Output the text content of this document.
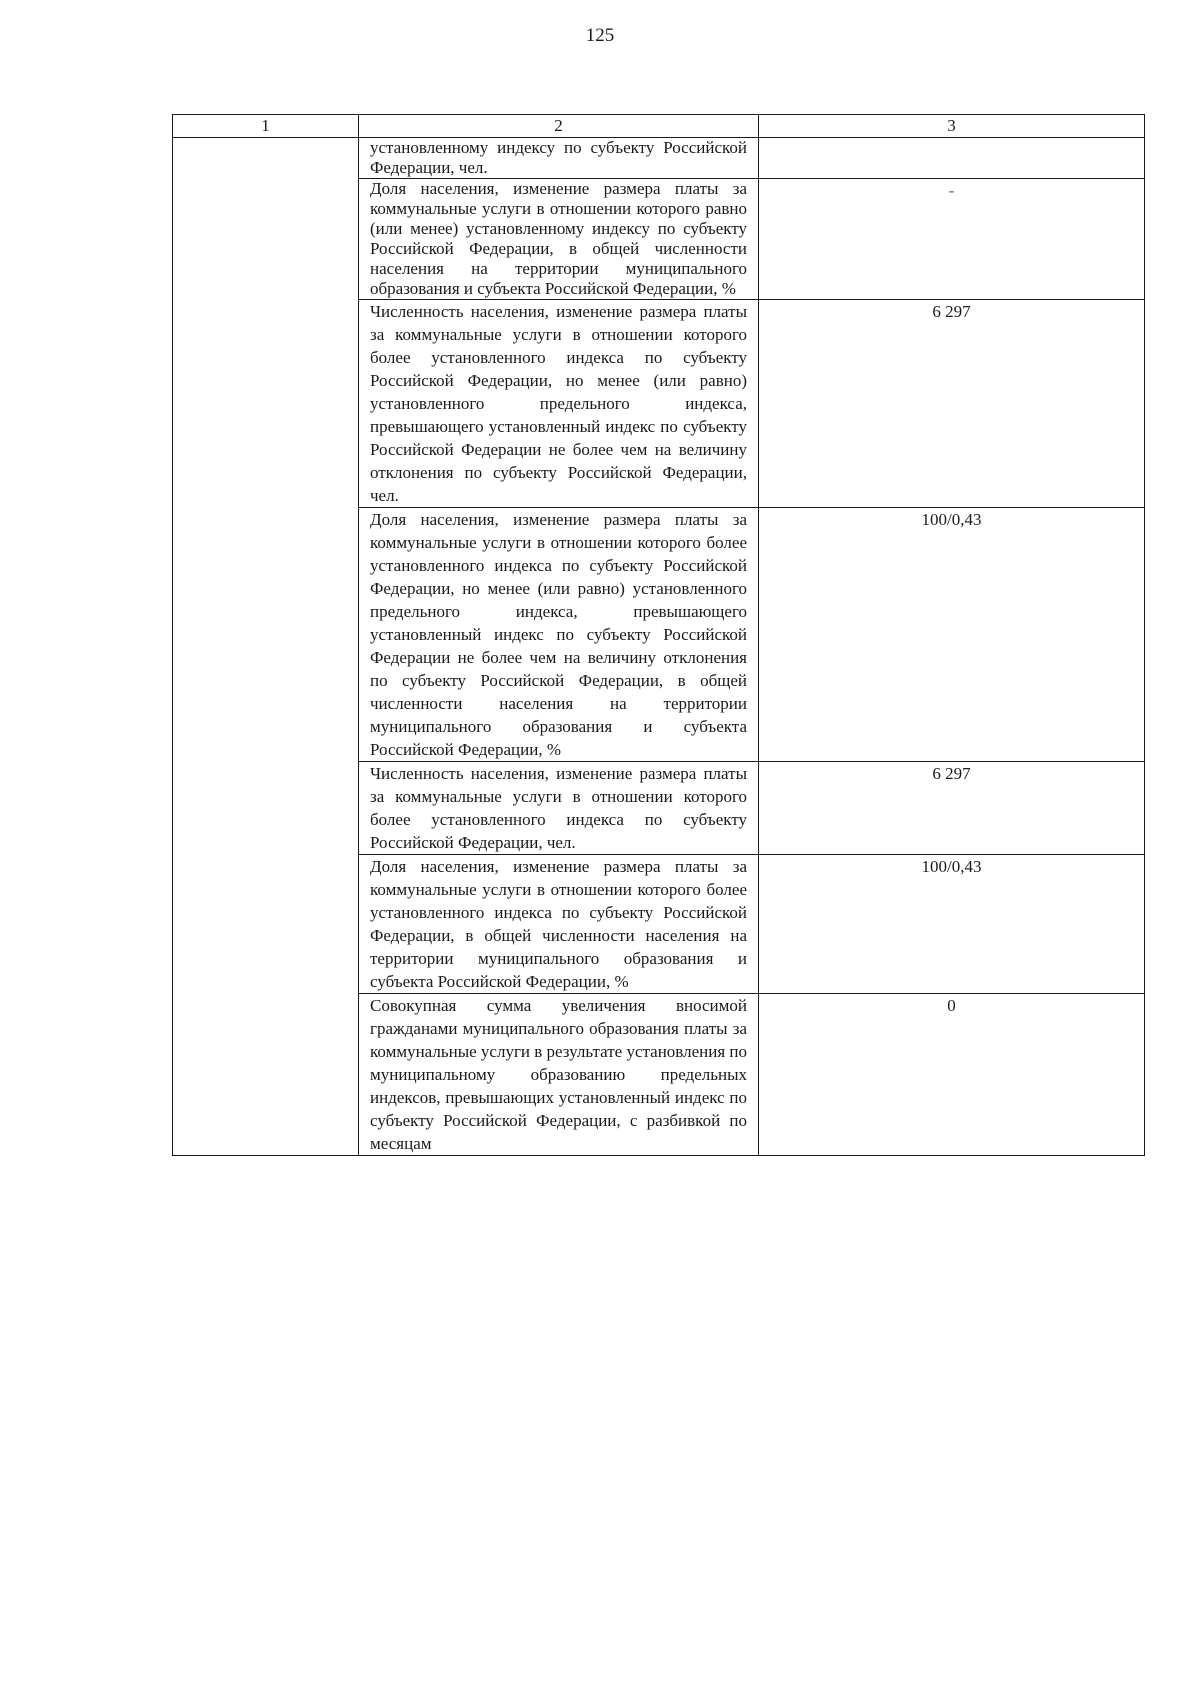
125
1	2	3
	установленному индексу по субъекту Российской Федерации, чел.	
	Доля населения, изменение размера платы за коммунальные услуги в отношении которого равно (или менее) установленному индексу по субъекту Российской Федерации, в общей численности населения на территории муниципального образования и субъекта Российской Федерации, %	-
	Численность населения, изменение размера платы за коммунальные услуги в отношении которого более установленного индекса по субъекту Российской Федерации, но менее (или равно) установленного предельного индекса, превышающего установленный индекс по субъекту Российской Федерации не более чем на величину отклонения по субъекту Российской Федерации, чел.	6 297
	Доля населения, изменение размера платы за коммунальные услуги в отношении которого более установленного индекса по субъекту Российской Федерации, но менее (или равно) установленного предельного индекса, превышающего установленный индекс по субъекту Российской Федерации не более чем на величину отклонения по субъекту Российской Федерации, в общей численности населения на территории муниципального образования и субъекта Российской Федерации, %	100/0,43
	Численность населения, изменение размера платы за коммунальные услуги в отношении которого более установленного индекса по субъекту Российской Федерации, чел.	6 297
	Доля населения, изменение размера платы за коммунальные услуги в отношении которого более установленного индекса по субъекту Российской Федерации, в общей численности населения на территории муниципального образования и субъекта Российской Федерации, %	100/0,43
	Совокупная сумма увеличения вносимой гражданами муниципального образования платы за коммунальные услуги в результате установления по муниципальному образованию предельных индексов, превышающих установленный индекс по субъекту Российской Федерации, с разбивкой по месяцам	0
